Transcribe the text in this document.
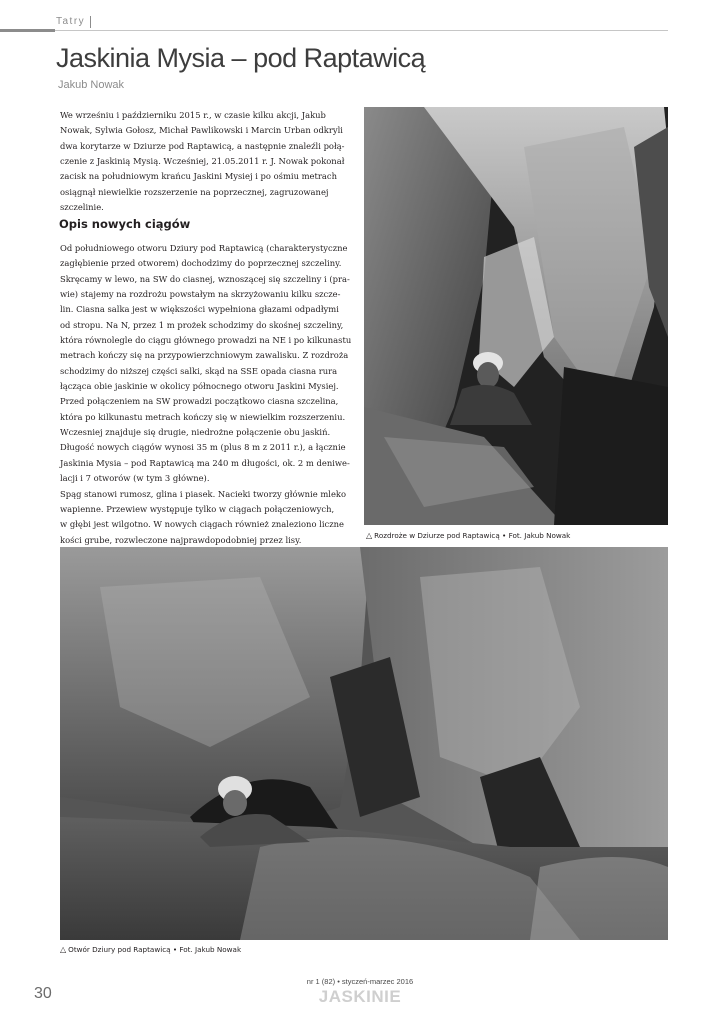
Tatry
Jaskinia Mysia – pod Raptawicą
Jakub Nowak

We wrześniu i październiku 2015 r., w czasie kilku akcji, Jakub

Nowak, Sylwia Gołosz, Michał Pawlikowski i Marcin Urban odkryli

dwa korytarze w Dziurze pod Raptawicą, a następnie znaleźli połą-

czenie z Jaskinią Mysią. Wcześniej, 21.05.2011 r. J. Nowak pokonał

zacisk na południowym krańcu Jaskini Mysiej i po ośmiu metrach

osiągnął niewielkie rozszerzenie na poprzecznej, zagruzowanej

szczelinie.

Opis nowych ciągów

Od południowego otworu Dziury pod Raptawicą (charakterystyczne

zagłębienie przed otworem) dochodzimy do poprzecznej szczeliny.

Skręcamy w lewo, na SW do ciasnej, wznoszącej się szczeliny i (pra-

wie) stajemy na rozdrożu powstałym na skrzyżowaniu kilku szcze-

lin. Ciasna salka jest w większości wypełniona głazami odpadłymi

od stropu. Na N, przez 1 m prożek schodzimy do skośnej szczeliny,

która równolegle do ciągu głównego prowadzi na NE i po kilkunastu

metrach kończy się na przypowierzchniowym zawalisku. Z rozdroża

schodzimy do niższej części salki, skąd na SSE opada ciasna rura

łącząca obie jaskinie w okolicy północnego otworu Jaskini Mysiej.

Przed połączeniem na SW prowadzi początkowo ciasna szczelina,

która po kilkunastu metrach kończy się w niewielkim rozszerzeniu.

Wczesniej znajduje się drugie, niedrożne połączenie obu jaskiń.

Długość nowych ciągów wynosi 35 m (plus 8 m z 2011 r.), a łącznie

Jaskinia Mysia – pod Raptawicą ma 240 m długości, ok. 2 m deniwe-

lacji i 7 otworów (w tym 3 główne).

Spąg stanowi rumosz, glina i piasek. Nacieki tworzy głównie mleko

wapienne. Przewiew występuje tylko w ciągach połączeniowych,

w głębi jest wilgotno. W nowych ciągach również znaleziono liczne

kości grube, rozwleczone najprawdopodobniej przez lisy.	△ Rozdroże w Dziurze pod Raptawicą • Fot. Jakub Nowak
△ Otwór Dziury pod Raptawicą • Fot. Jakub Nowak
30
nr 1 (82) • styczeń-marzec 2016
JASKINIE
